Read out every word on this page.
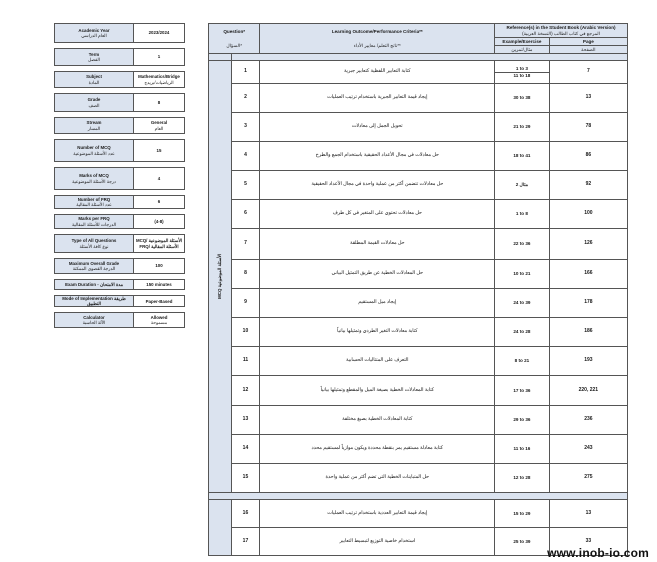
Academic Year
العام الدراسي	2023/2024

Term
الفصل	1

Subject
المادة	Mathematics/Bridge
الرياضيات/بريدج

Grade
الصف	8

Stream
المسار	General
العام

Number of MCQ
عدد الأسئلة الموضوعية	15

Marks of MCQ
درجة الأسئلة الموضوعية	4

Number of FRQ
عدد الأسئلة المقالية	6

Marks per FRQ
الدرجات للأسئلة المقالية	(4-8)

Type of All Questions
نوع كافة الأسئلة	MCQ/ الأسئلة الموضوعية
FRQ/ الأسئلة المقالية

Maximum Overall Grade
الدرجة القصوى الممكنة	100

Exam Duration - مدة الامتحان	150 minutes

Mode of Implementation طريقة التطبيق	Paper-Based

Calculator
الآلة الحاسبة	Allowed
مسموحة
Question*
السؤال*		Learning Outcome/Performance Criteria**
ناتج التعلم/ معايير الأداء**	Reference(s) in the Student Book (Arabic Version)
المرجع في كتاب الطالب (النسخة العربية)	

			Example/Exercise	Page
			مثال/تمرين	الصفحة

MCQ الأسئلة الموضوعية	1	كتابة التعابير اللفظية كتعابير جبرية	1 to 3
11 to 18	7
	2	إيجاد قيمة التعابير الجبرية باستخدام ترتيب العمليات	30 to 38	13
	3	تحويل الجمل إلى معادلات	21 to 29	78
	4	حل معادلات في مجال الأعداد الحقيقية باستخدام الجمع والطرح	18 to 41	86
	5	حل معادلات تتضمن أكثر من عملية واحدة في مجال الأعداد الحقيقية	مثال 2	92
	6	حل معادلات تحتوي على المتغير في كل طرف	1 to 8	100
	7	حل معادلات القيمة المطلقة	22 to 36	126
	8	حل المعادلات الخطية عن طريق التمثيل البياني	10 to 21	166
	9	إيجاد ميل المستقيم	24 to 39	178
	10	كتابة معادلات التغير الطردي وتمثيلها بيانياً	24 to 28	186
	11	التعرف على المتتاليات الحسابية	8 to 21	193
	12	كتابة المعادلات الخطية بصيغة الميل والمقطع وتمثيلها بيانياً	17 to 36	220, 221
	13	كتابة المعادلات الخطية بصيغ مختلفة	29 to 36	236
	14	كتابة معادلة مستقيم يمر بنقطة محددة ويكون موازياً لمستقيم محدد	11 to 16	243
	15	حل المتباينات الخطية التي تضم أكثر من عملية واحدة	12 to 28	275

	16	إيجاد قيمة التعابير العددية باستخدام ترتيب العمليات	15 to 29	13
	17	استخدام خاصية التوزيع لتبسيط التعابير	25 to 39	33
www.inob-io.com
